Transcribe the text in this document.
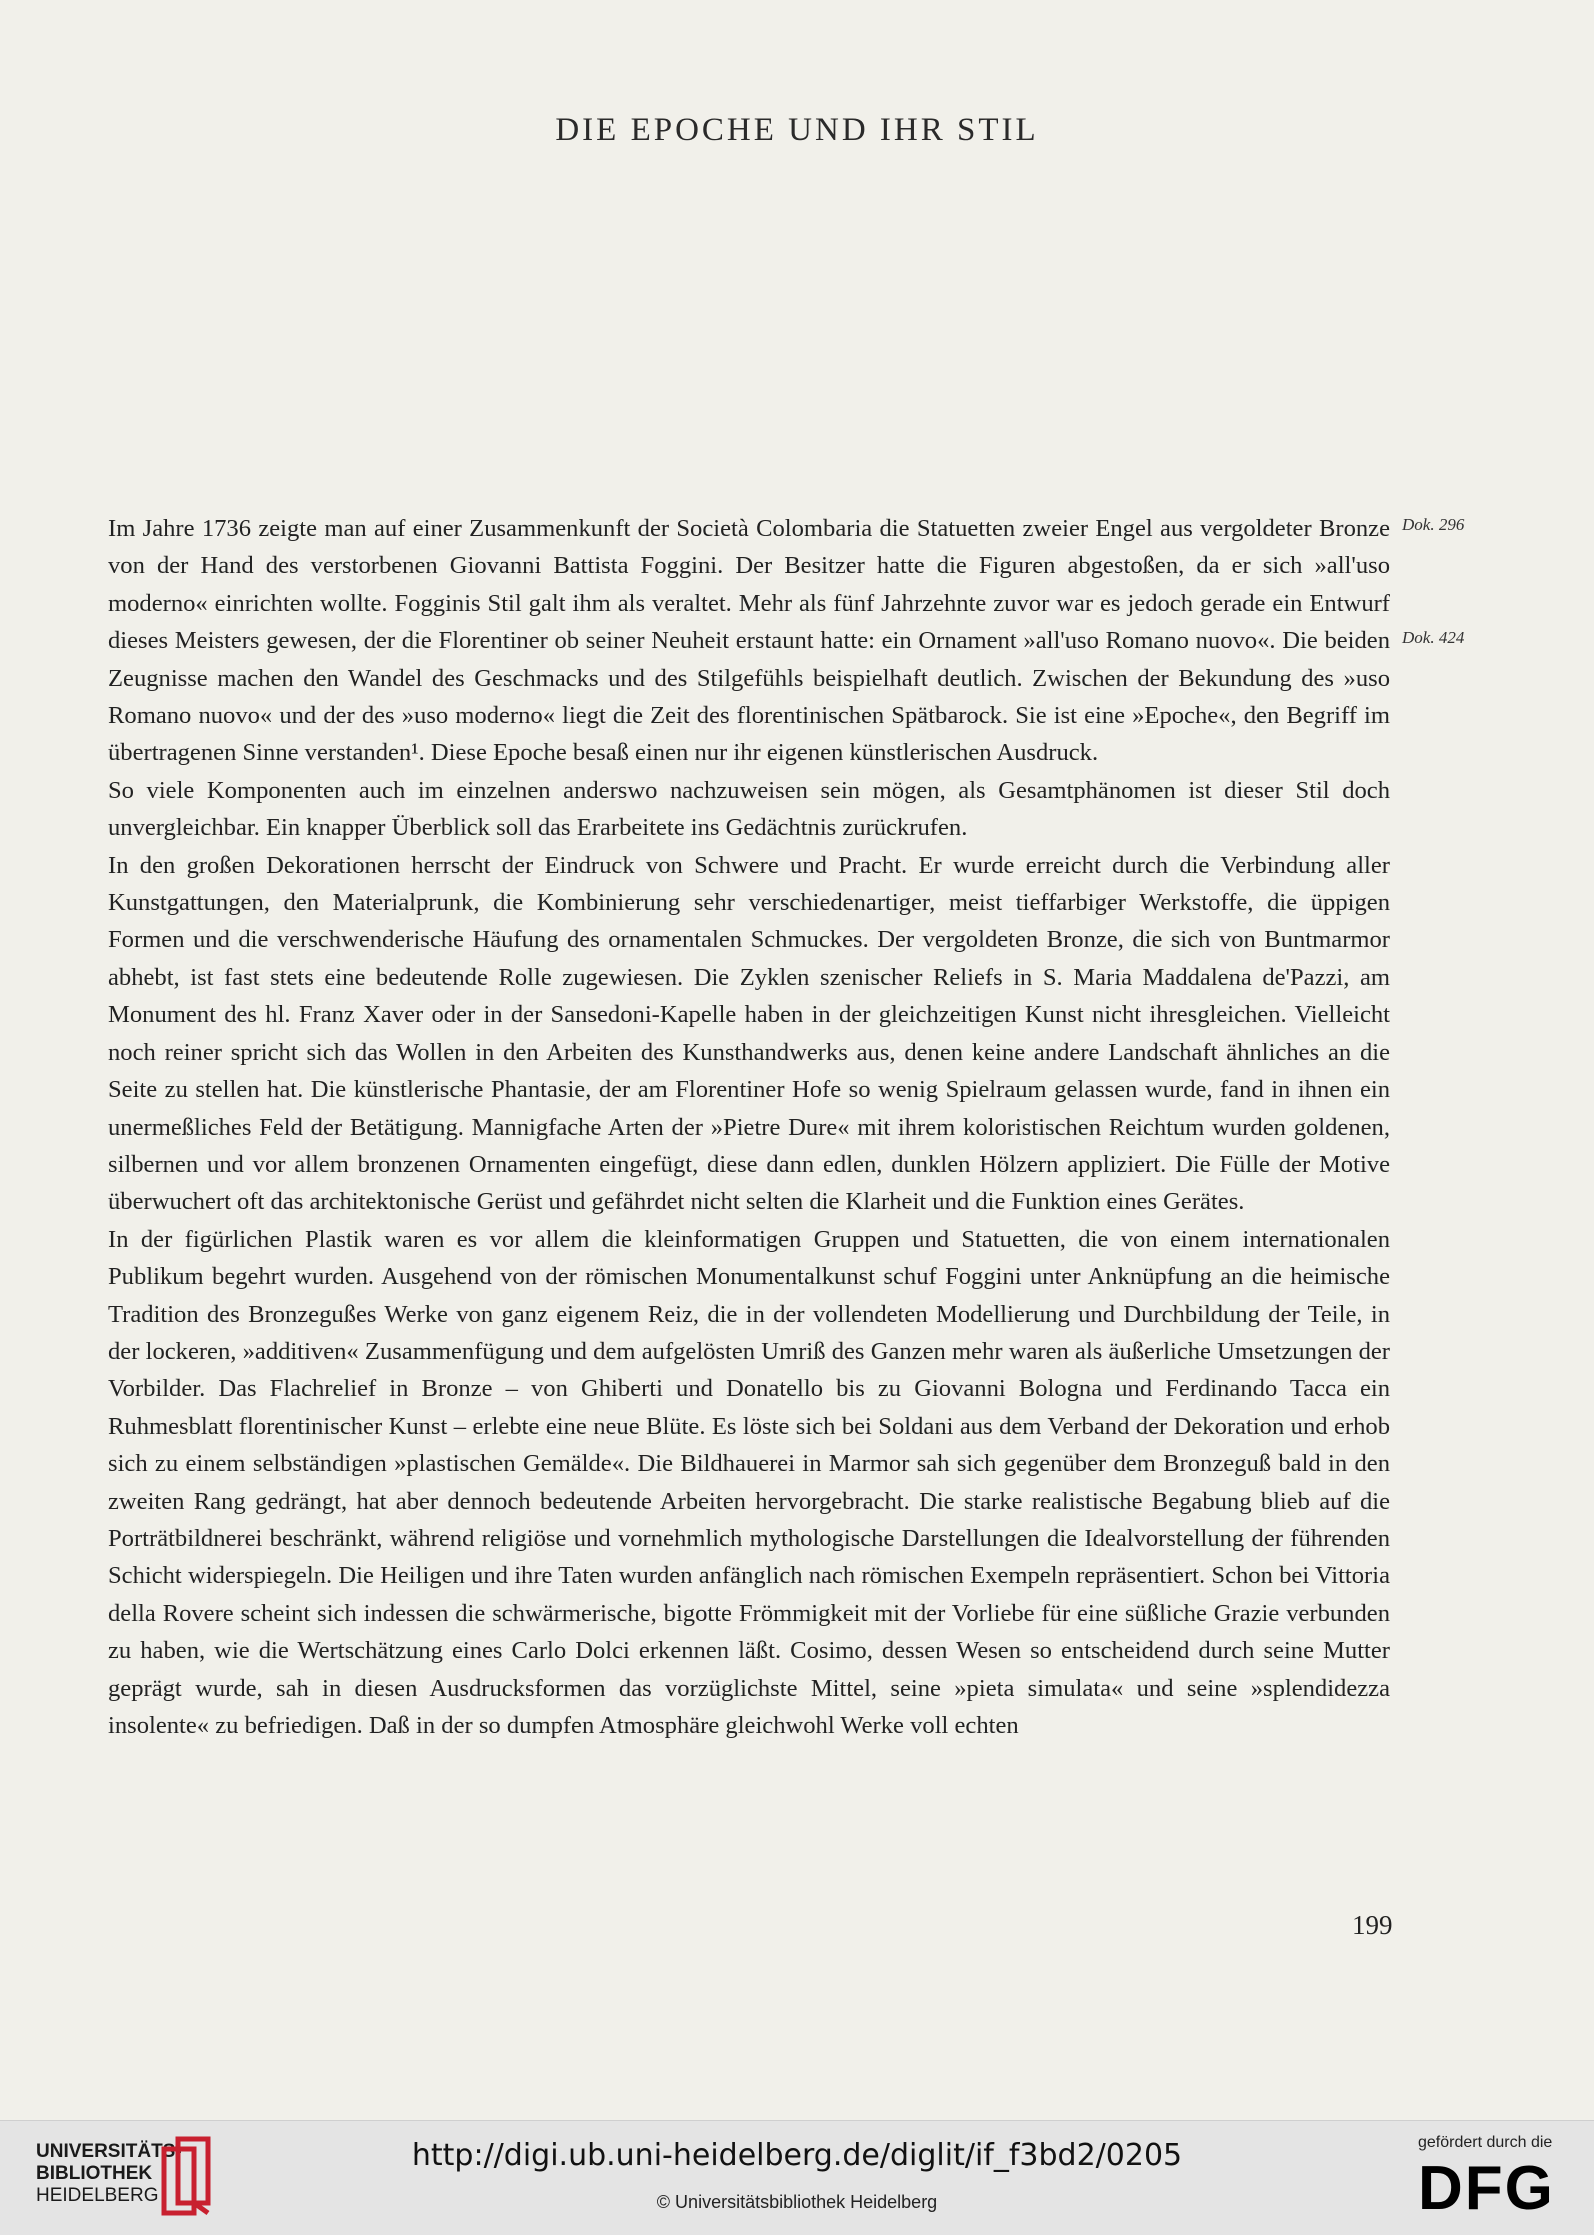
DIE EPOCHE UND IHR STIL
Dok. 296
Dok. 424

Im Jahre 1736 zeigte man auf einer Zusammenkunft der Società Colombaria die Statuetten zweier Engel aus vergoldeter Bronze von der Hand des verstorbenen Giovanni Battista Foggini. Der Besitzer hatte die Figuren abgestoßen, da er sich »all'uso moderno« einrichten wollte. Fogginis Stil galt ihm als veraltet. Mehr als fünf Jahrzehnte zuvor war es jedoch gerade ein Entwurf dieses Meisters gewesen, der die Florentiner ob seiner Neuheit erstaunt hatte: ein Ornament »all'uso Romano nuovo«. Die beiden Zeugnisse machen den Wandel des Geschmacks und des Stilgefühls beispielhaft deutlich. Zwischen der Bekundung des »uso Romano nuovo« und der des »uso moderno« liegt die Zeit des florentinischen Spätbarock. Sie ist eine »Epoche«, den Begriff im übertragenen Sinne verstanden¹. Diese Epoche besaß einen nur ihr eigenen künstlerischen Ausdruck.

So viele Komponenten auch im einzelnen anderswo nachzuweisen sein mögen, als Gesamtphänomen ist dieser Stil doch unvergleichbar. Ein knapper Überblick soll das Erarbeitete ins Gedächtnis zurückrufen.

In den großen Dekorationen herrscht der Eindruck von Schwere und Pracht. Er wurde erreicht durch die Verbindung aller Kunstgattungen, den Materialprunk, die Kombinierung sehr verschiedenartiger, meist tieffarbiger Werkstoffe, die üppigen Formen und die verschwenderische Häufung des ornamentalen Schmuckes. Der vergoldeten Bronze, die sich von Buntmarmor abhebt, ist fast stets eine bedeutende Rolle zugewiesen. Die Zyklen szenischer Reliefs in S. Maria Maddalena de'Pazzi, am Monument des hl. Franz Xaver oder in der Sansedoni-Kapelle haben in der gleichzeitigen Kunst nicht ihresgleichen. Vielleicht noch reiner spricht sich das Wollen in den Arbeiten des Kunsthandwerks aus, denen keine andere Landschaft ähnliches an die Seite zu stellen hat. Die künstlerische Phantasie, der am Florentiner Hofe so wenig Spielraum gelassen wurde, fand in ihnen ein unermeßliches Feld der Betätigung. Mannigfache Arten der »Pietre Dure« mit ihrem koloristischen Reichtum wurden goldenen, silbernen und vor allem bronzenen Ornamenten eingefügt, diese dann edlen, dunklen Hölzern appliziert. Die Fülle der Motive überwuchert oft das architektonische Gerüst und gefährdet nicht selten die Klarheit und die Funktion eines Gerätes.

In der figürlichen Plastik waren es vor allem die kleinformatigen Gruppen und Statuetten, die von einem internationalen Publikum begehrt wurden. Ausgehend von der römischen Monumentalkunst schuf Foggini unter Anknüpfung an die heimische Tradition des Bronzegußes Werke von ganz eigenem Reiz, die in der vollendeten Modellierung und Durchbildung der Teile, in der lockeren, »additiven« Zusammenfügung und dem aufgelösten Umriß des Ganzen mehr waren als äußerliche Umsetzungen der Vorbilder. Das Flachrelief in Bronze – von Ghiberti und Donatello bis zu Giovanni Bologna und Ferdinando Tacca ein Ruhmesblatt florentinischer Kunst – erlebte eine neue Blüte. Es löste sich bei Soldani aus dem Verband der Dekoration und erhob sich zu einem selbständigen »plastischen Gemälde«. Die Bildhauerei in Marmor sah sich gegenüber dem Bronzeguß bald in den zweiten Rang gedrängt, hat aber dennoch bedeutende Arbeiten hervorgebracht. Die starke realistische Begabung blieb auf die Porträtbildnerei beschränkt, während religiöse und vornehmlich mythologische Darstellungen die Idealvorstellung der führenden Schicht widerspiegeln. Die Heiligen und ihre Taten wurden anfänglich nach römischen Exempeln repräsentiert. Schon bei Vittoria della Rovere scheint sich indessen die schwärmerische, bigotte Frömmigkeit mit der Vorliebe für eine süßliche Grazie verbunden zu haben, wie die Wertschätzung eines Carlo Dolci erkennen läßt. Cosimo, dessen Wesen so entscheidend durch seine Mutter geprägt wurde, sah in diesen Ausdrucksformen das vorzüglichste Mittel, seine »pieta simulata« und seine »splendidezza insolente« zu befriedigen. Daß in der so dumpfen Atmosphäre gleichwohl Werke voll echten

199
UNIVERSITÄTS-
BIBLIOTHEK
HEIDELBERG
http://digi.ub.uni-heidelberg.de/diglit/if_f3bd2/0205
© Universitätsbibliothek Heidelberg
gefördert durch die
DFG
